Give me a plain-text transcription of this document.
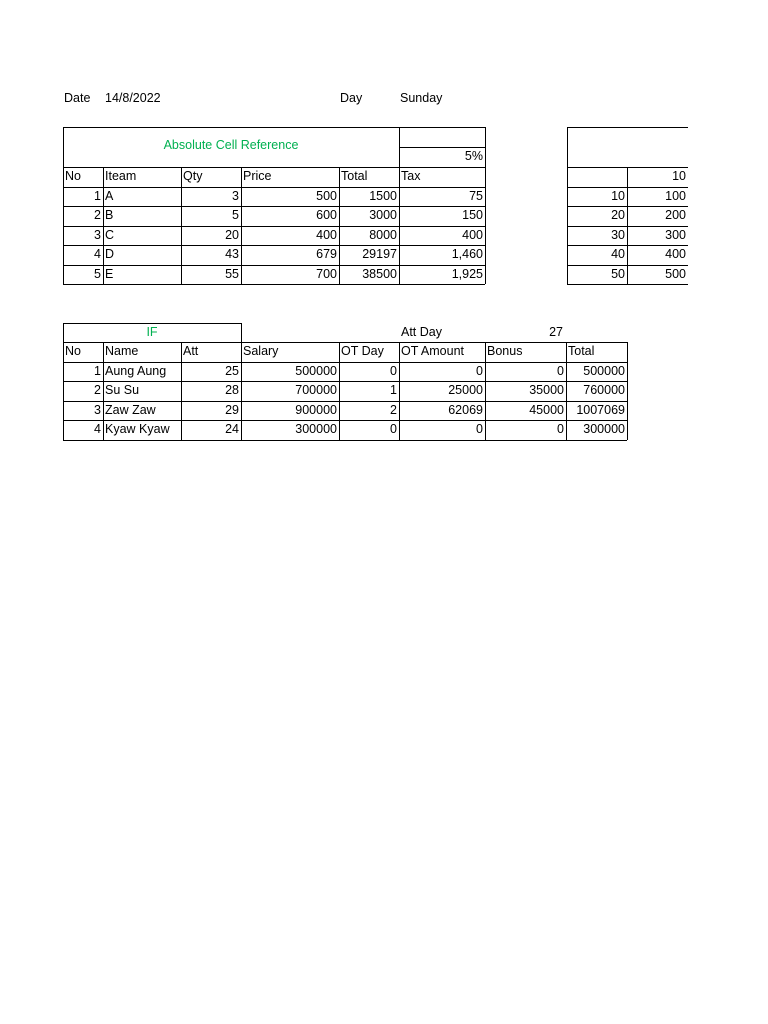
Date 14/8/2022	Day	Sunday
Absolute Cell Reference
5%
No	Iteam	Qty	Price	Total	Tax
1 A	3	500	1500	75
2 B	5	600	3000	150
3 C	20	400	8000	400
4 D	43	679	29197	1,460
5 E	55	700	38500	1,925
10
10	100
20	200
30	300
40	400
50	500
IF	Att Day	27
No	Name	Att	Salary	OT Day	OT Amount	Bonus	Total
1 Aung Aung	25	500000	0	0	0	500000
2 Su Su	28	700000	1	25000	35000	760000
3 Zaw Zaw	29	900000	2	62069	45000 1007069
4 Kyaw Kyaw	24	300000	0	0	0	300000
